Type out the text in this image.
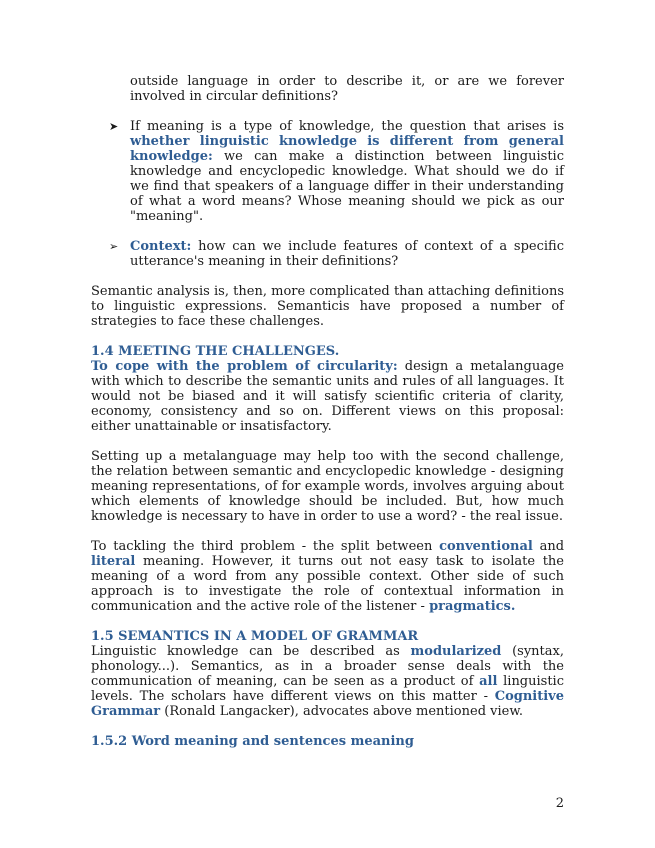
outside language in order to describe it, or are we forever involved in circular definitions?

➤ If meaning is a type of knowledge, the question that arises is whether linguistic knowledge is different from general knowledge: we can make a distinction between linguistic knowledge and encyclopedic knowledge. What should we do if we find that speakers of a language differ in their understanding of what a word means? Whose meaning should we pick as our "meaning".

➢ Context: how can we include features of context of a specific utterance's meaning in their definitions?

Semantic analysis is, then, more complicated than attaching definitions to linguistic expressions. Semanticis have proposed a number of strategies to face these challenges.

1.4 MEETING THE CHALLENGES.

To cope with the problem of circularity: design a metalanguage with which to describe the semantic units and rules of all languages. It would not be biased and it will satisfy scientific criteria of clarity, economy, consistency and so on. Different views on this proposal: either unattainable or insatisfactory.

Setting up a metalanguage may help too with the second challenge, the relation between semantic and encyclopedic knowledge - designing meaning representations, of for example words, involves arguing about which elements of knowledge should be included. But, how much knowledge is necessary to have in order to use a word? - the real issue.

To tackling the third problem - the split between conventional and literal meaning. However, it turns out not easy task to isolate the meaning of a word from any possible context. Other side of such approach is to investigate the role of contextual information in communication and the active role of the listener - pragmatics.

1.5 SEMANTICS IN A MODEL OF GRAMMAR

Linguistic knowledge can be described as modularized (syntax, phonology...). Semantics, as in a broader sense deals with the communication of meaning, can be seen as a product of all linguistic levels. The scholars have different views on this matter - Cognitive Grammar (Ronald Langacker), advocates above mentioned view.

1.5.2 Word meaning and sentences meaning
2
